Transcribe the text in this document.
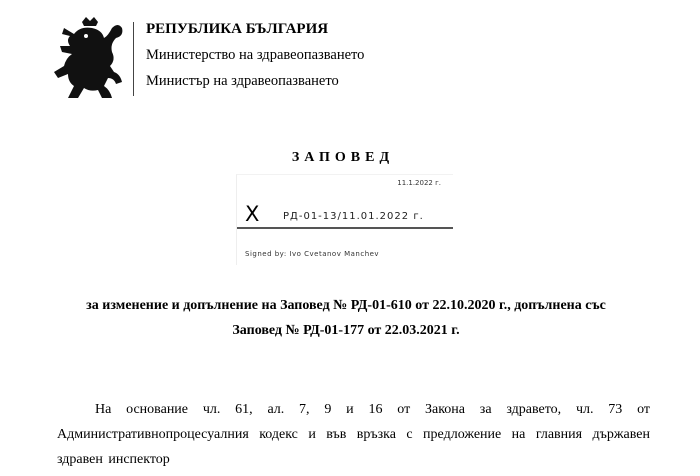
РЕПУБЛИКА БЪЛГАРИЯ
Министерство на здравеопазването
Министър на здравеопазването
ЗАПОВЕД
11.1.2022 г.
X РД-01-13/11.01.2022 г.
Signed by: Ivo Cvetanov Manchev
за изменение и допълнение на Заповед № РД-01-610 от 22.10.2020 г., допълнена със
Заповед № РД-01-177 от 22.03.2021 г.
На основание чл. 61, ал. 7, 9 и 16 от Закона за здравето, чл. 73 от Административнопроцесуалния кодекс и във връзка с предложение на главния държавен здравен инспектор
